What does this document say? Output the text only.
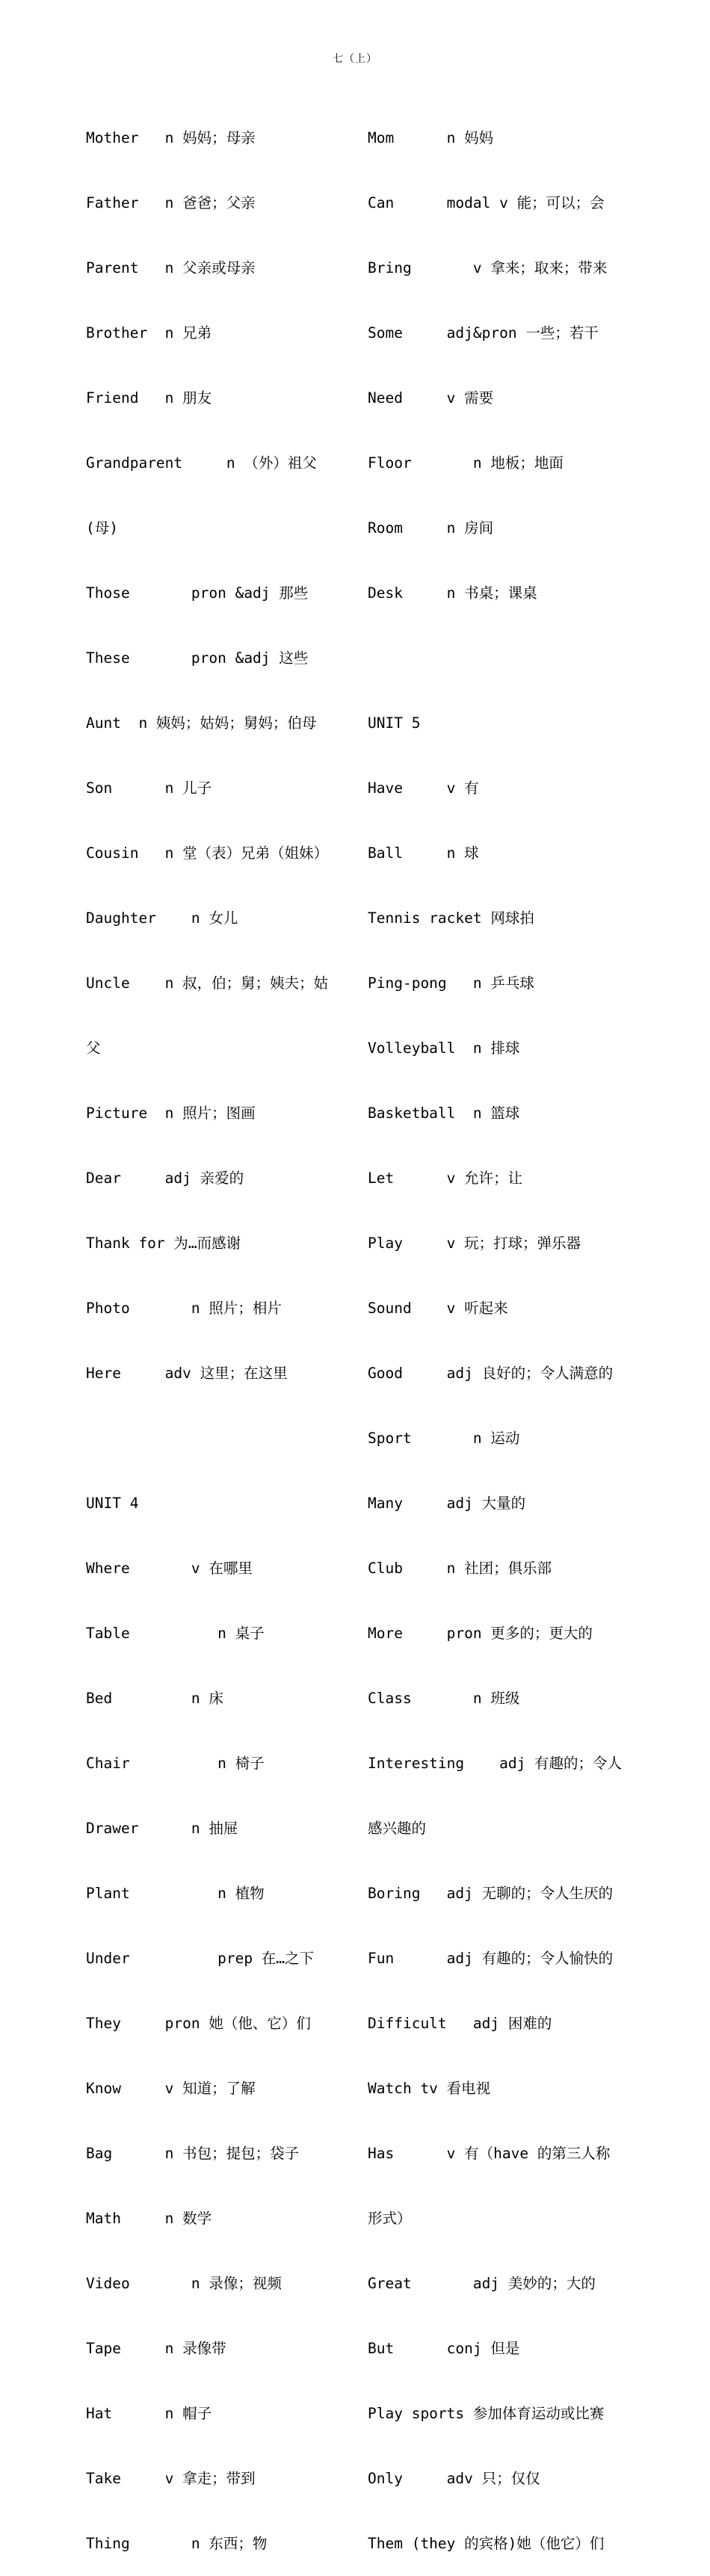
七（上）

Mother   n 妈妈；母亲

Father   n 爸爸；父亲

Parent   n 父亲或母亲

Brother  n 兄弟

Friend   n 朋友

Grandparent     n （外）祖父

(母)

Those       pron &adj 那些

These       pron &adj 这些

Aunt  n 姨妈；姑妈；舅妈；伯母

Son      n 儿子

Cousin   n 堂（表）兄弟（姐妹）

Daughter    n 女儿

Uncle    n 叔，伯；舅；姨夫；姑

父

Picture  n 照片；图画

Dear     adj 亲爱的

Thank for 为…而感谢

Photo       n 照片；相片

Here     adv 这里；在这里

UNIT 4

Where       v 在哪里

Table          n 桌子

Bed         n 床

Chair          n 椅子

Drawer      n 抽屉

Plant          n 植物

Under          prep 在…之下

They     pron 她（他、它）们

Know     v 知道；了解

Bag      n 书包；提包；袋子

Math     n 数学

Video       n 录像；视频

Tape     n 录像带

Hat      n 帽子

Take     v 拿走；带到

Thing       n 东西；物

Mom      n 妈妈

Can      modal v 能；可以；会

Bring       v 拿来；取来；带来

Some     adj&pron 一些；若干

Need     v 需要

Floor       n 地板；地面

Room     n 房间

Desk     n 书桌；课桌

UNIT 5

Have     v 有

Ball     n 球

Tennis racket 网球拍

Ping-pong   n 乒乓球

Volleyball  n 排球

Basketball  n 篮球

Let      v 允许；让

Play     v 玩；打球；弹乐器

Sound    v 听起来

Good     adj 良好的；令人满意的

Sport       n 运动

Many     adj 大量的

Club     n 社团；俱乐部

More     pron 更多的；更大的

Class       n 班级

Interesting    adj 有趣的；令人

感兴趣的

Boring   adj 无聊的；令人生厌的

Fun      adj 有趣的；令人愉快的

Difficult   adj 困难的

Watch tv 看电视

Has      v 有（have 的第三人称

形式）

Great       adj 美妙的；大的

But      conj 但是

Play sports 参加体育运动或比赛

Only     adv 只；仅仅

Them (they 的宾格)她（他它）们
